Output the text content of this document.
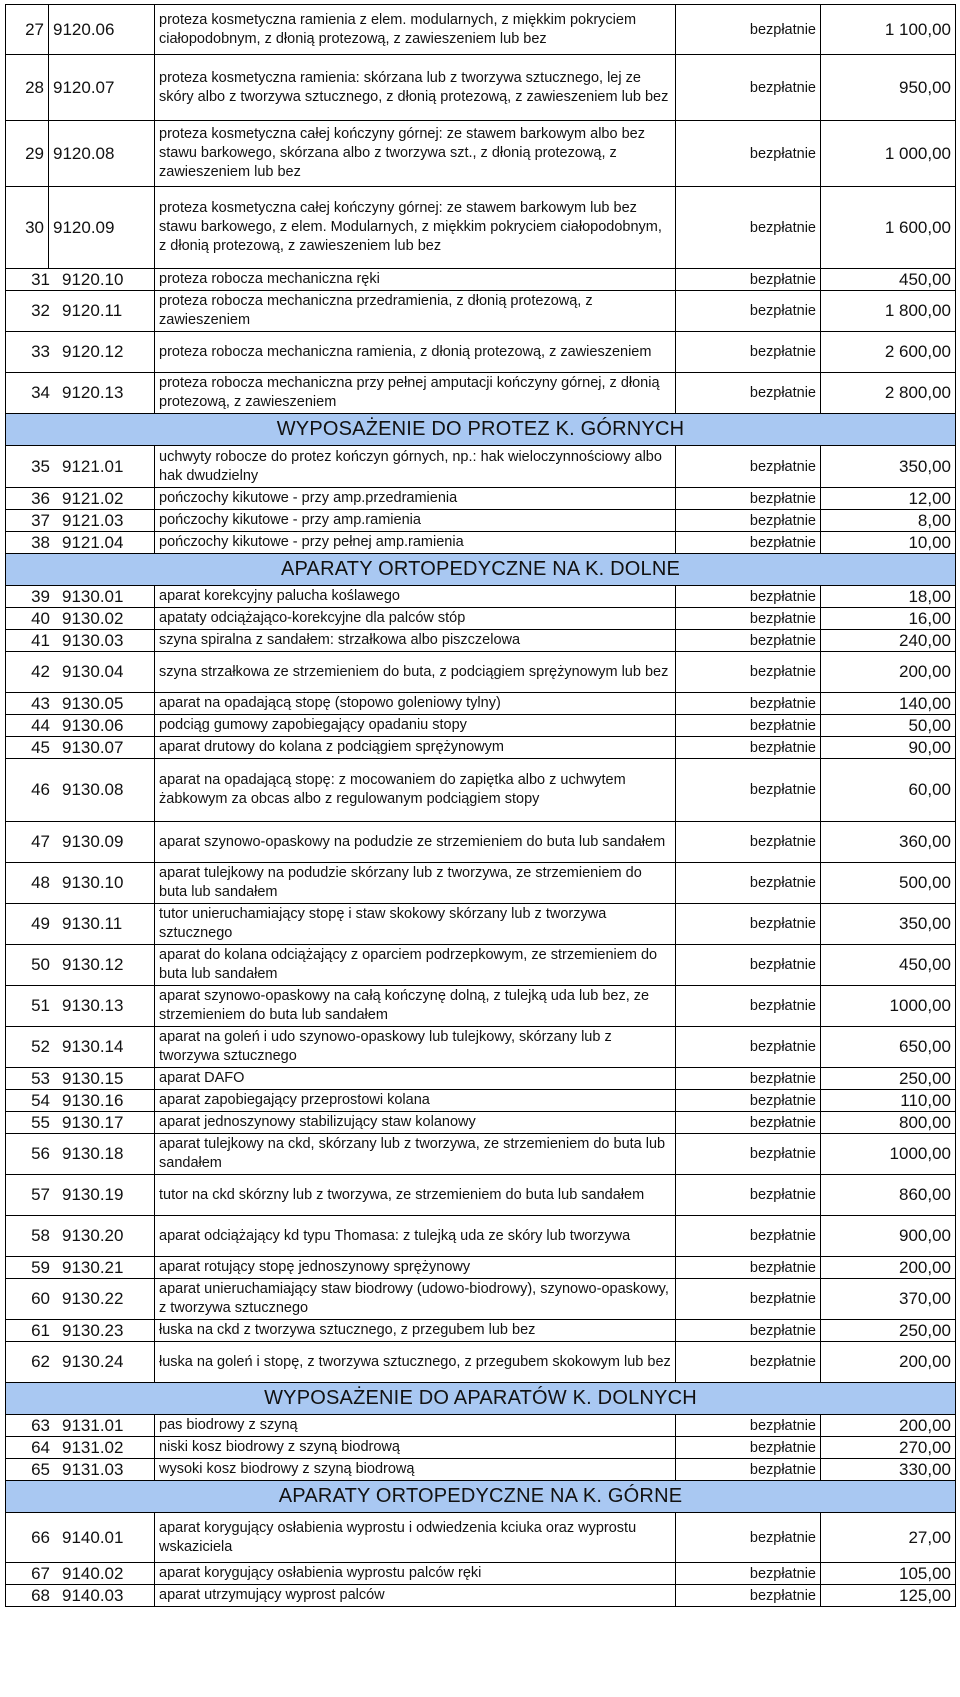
27	9120.06	proteza kosmetyczna ramienia z elem. modularnych, z miękkim pokryciem ciałopodobnym, z dłonią protezową, z zawieszeniem lub bez	bezpłatnie	1 100,00
28	9120.07	proteza kosmetyczna ramienia: skórzana lub z tworzywa sztucznego, lej ze skóry albo z tworzywa sztucznego, z dłonią protezową, z zawieszeniem lub bez	bezpłatnie	950,00
29	9120.08	proteza kosmetyczna całej kończyny górnej: ze stawem barkowym albo bez stawu barkowego, skórzana albo z tworzywa szt., z dłonią protezową, z zawieszeniem lub bez	bezpłatnie	1 000,00
30	9120.09	proteza kosmetyczna całej kończyny górnej: ze stawem barkowym lub bez stawu barkowego, z elem. Modularnych, z miękkim pokryciem ciałopodobnym, z dłonią protezową, z zawieszeniem lub bez	bezpłatnie	1 600,00
31 9120.10		proteza robocza mechaniczna ręki	bezpłatnie	450,00
32 9120.11		proteza robocza mechaniczna przedramienia, z dłonią protezową, z zawieszeniem	bezpłatnie	1 800,00
33 9120.12		proteza robocza mechaniczna ramienia, z dłonią protezową, z zawieszeniem	bezpłatnie	2 600,00
34 9120.13		proteza robocza mechaniczna przy pełnej amputacji kończyny górnej, z dłonią protezową, z zawieszeniem	bezpłatnie	2 800,00
WYPOSAŻENIE DO PROTEZ K. GÓRNYCH				
35 9121.01		uchwyty robocze do protez kończyn górnych, np.: hak wieloczynnościowy albo hak dwudzielny	bezpłatnie	350,00
36 9121.02		pończochy kikutowe - przy amp.przedramienia	bezpłatnie	12,00
37 9121.03		pończochy kikutowe - przy amp.ramienia	bezpłatnie	8,00
38 9121.04		pończochy kikutowe - przy pełnej amp.ramienia	bezpłatnie	10,00
APARATY ORTOPEDYCZNE NA K. DOLNE				
39 9130.01		aparat korekcyjny palucha koślawego	bezpłatnie	18,00
40 9130.02		apataty odciążająco-korekcyjne dla palców stóp	bezpłatnie	16,00
41 9130.03		szyna spiralna z sandałem: strzałkowa albo piszczelowa	bezpłatnie	240,00
42 9130.04		szyna strzałkowa ze strzemieniem do buta, z podciągiem sprężynowym lub bez	bezpłatnie	200,00
43 9130.05		aparat na opadającą stopę (stopowo goleniowy tylny)	bezpłatnie	140,00
44 9130.06		podciąg gumowy zapobiegający opadaniu stopy	bezpłatnie	50,00
45 9130.07		aparat drutowy do kolana z podciągiem sprężynowym	bezpłatnie	90,00
46 9130.08		aparat na opadającą stopę: z mocowaniem do zapiętka albo z uchwytem żabkowym za obcas albo z regulowanym podciągiem stopy	bezpłatnie	60,00
47 9130.09		aparat szynowo-opaskowy na podudzie ze strzemieniem do buta lub sandałem	bezpłatnie	360,00
48 9130.10		aparat tulejkowy na podudzie skórzany lub z tworzywa, ze strzemieniem do buta lub sandałem	bezpłatnie	500,00
49 9130.11		tutor unieruchamiający stopę i staw skokowy skórzany lub z tworzywa sztucznego	bezpłatnie	350,00
50 9130.12		aparat do kolana odciążający z oparciem podrzepkowym, ze strzemieniem do buta lub sandałem	bezpłatnie	450,00
51 9130.13		aparat szynowo-opaskowy na całą kończynę dolną, z tulejką uda lub bez, ze strzemieniem do buta lub sandałem	bezpłatnie	1000,00
52 9130.14		aparat na goleń i udo szynowo-opaskowy lub tulejkowy, skórzany lub z tworzywa sztucznego	bezpłatnie	650,00
53 9130.15		aparat DAFO	bezpłatnie	250,00
54 9130.16		aparat zapobiegający przeprostowi kolana	bezpłatnie	110,00
55 9130.17		aparat jednoszynowy stabilizujący staw kolanowy	bezpłatnie	800,00
56 9130.18		aparat tulejkowy na ckd, skórzany lub z tworzywa, ze strzemieniem do buta lub sandałem	bezpłatnie	1000,00
57 9130.19		tutor na ckd skórzny lub z tworzywa, ze strzemieniem do buta lub sandałem	bezpłatnie	860,00
58 9130.20		aparat odciążający kd typu Thomasa: z tulejką uda ze skóry lub tworzywa	bezpłatnie	900,00
59 9130.21		aparat rotujący stopę jednoszynowy sprężynowy	bezpłatnie	200,00
60 9130.22		aparat unieruchamiający staw biodrowy (udowo-biodrowy), szynowo-opaskowy, z tworzywa sztucznego	bezpłatnie	370,00
61 9130.23		łuska na ckd z tworzywa sztucznego, z przegubem lub bez	bezpłatnie	250,00
62 9130.24		łuska na goleń i stopę, z tworzywa sztucznego, z przegubem skokowym lub bez	bezpłatnie	200,00
WYPOSAŻENIE DO APARATÓW K. DOLNYCH				
63 9131.01		pas biodrowy z szyną	bezpłatnie	200,00
64 9131.02		niski kosz biodrowy z szyną biodrową	bezpłatnie	270,00
65 9131.03		wysoki kosz biodrowy z szyną biodrową	bezpłatnie	330,00
APARATY ORTOPEDYCZNE NA K. GÓRNE				
66 9140.01		aparat korygujący osłabienia wyprostu i odwiedzenia kciuka oraz wyprostu wskaziciela	bezpłatnie	27,00
67 9140.02		aparat korygujący osłabienia wyprostu palców ręki	bezpłatnie	105,00
68 9140.03		aparat utrzymujący wyprost palców	bezpłatnie	125,00
